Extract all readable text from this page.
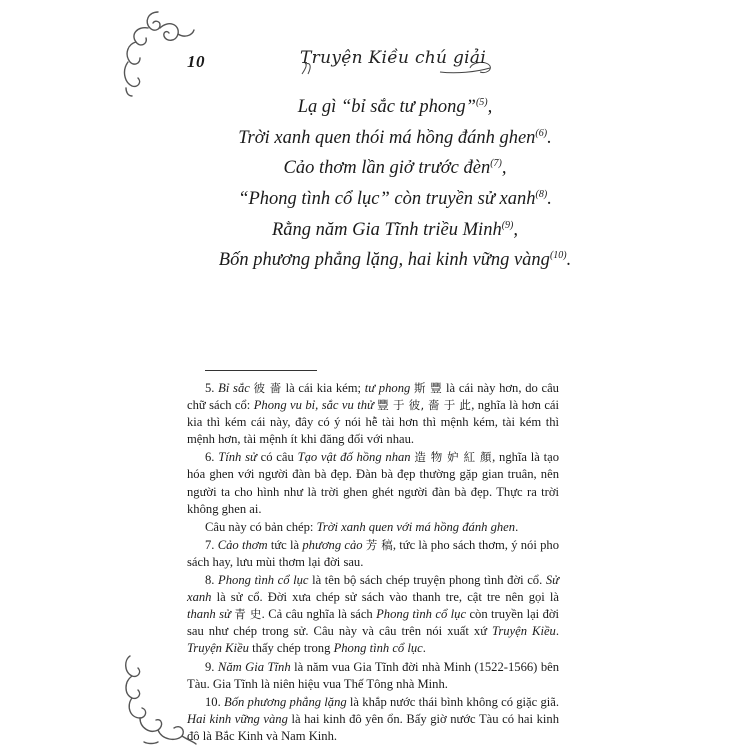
10	Truyện Kiều chú giải
Lạ gì “bỉ sắc tư phong”$^{(5)}$,
Trời xanh quen thói má hồng đánh ghen$^{(6)}$.
Cảo thơm lần giở trước đèn$^{(7)}$,
“Phong tình cổ lục” còn truyền sử xanh$^{(8)}$.
Rằng năm Gia Tĩnh triều Minh$^{(9)}$,
Bốn phương phẳng lặng, hai kinh vững vàng$^{(10)}$.

5. Bỉ sắc 彼 嗇 là cái kia kém; tư phong 斯 豐 là cái này hơn, do câu chữ sách cổ: Phong vu bỉ, sắc vu thử 豐 于 彼, 嗇 于 此, nghĩa là hơn cái kia thì kém cái này, đây có ý nói hễ tài hơn thì mệnh kém, tài kém thì mệnh hơn, tài mệnh ít khi đăng đối với nhau.

6. Tính sử có câu Tạo vật đố hồng nhan 造 物 妒 紅 顏, nghĩa là tạo hóa ghen với người đàn bà đẹp. Đàn bà đẹp thường gặp gian truân, nên người ta cho hình như là trời ghen ghét người đàn bà đẹp. Thực ra trời không ghen ai.

Câu này có bản chép: Trời xanh quen với má hồng đánh ghen.

7. Cảo thơm tức là phương cảo 芳 稿, tức là pho sách thơm, ý nói pho sách hay, lưu mùi thơm lại đời sau.

8. Phong tình cổ lục là tên bộ sách chép truyện phong tình đời cổ. Sử xanh là sử cổ. Đời xưa chép sử sách vào thanh tre, cật tre nên gọi là thanh sử 青 史. Cả câu nghĩa là sách Phong tình cổ lục còn truyền lại đời sau như chép trong sử. Câu này và câu trên nói xuất xứ Truyện Kiều. Truyện Kiều thấy chép trong Phong tình cổ lục.

9. Năm Gia Tĩnh là năm vua Gia Tĩnh đời nhà Minh (1522-1566) bên Tàu. Gia Tĩnh là niên hiệu vua Thế Tông nhà Minh.

10. Bốn phương phẳng lặng là khắp nước thái bình không có giặc giã. Hai kinh vững vàng là hai kinh đô yên ổn. Bấy giờ nước Tàu có hai kinh đô là Bắc Kinh và Nam Kinh.
